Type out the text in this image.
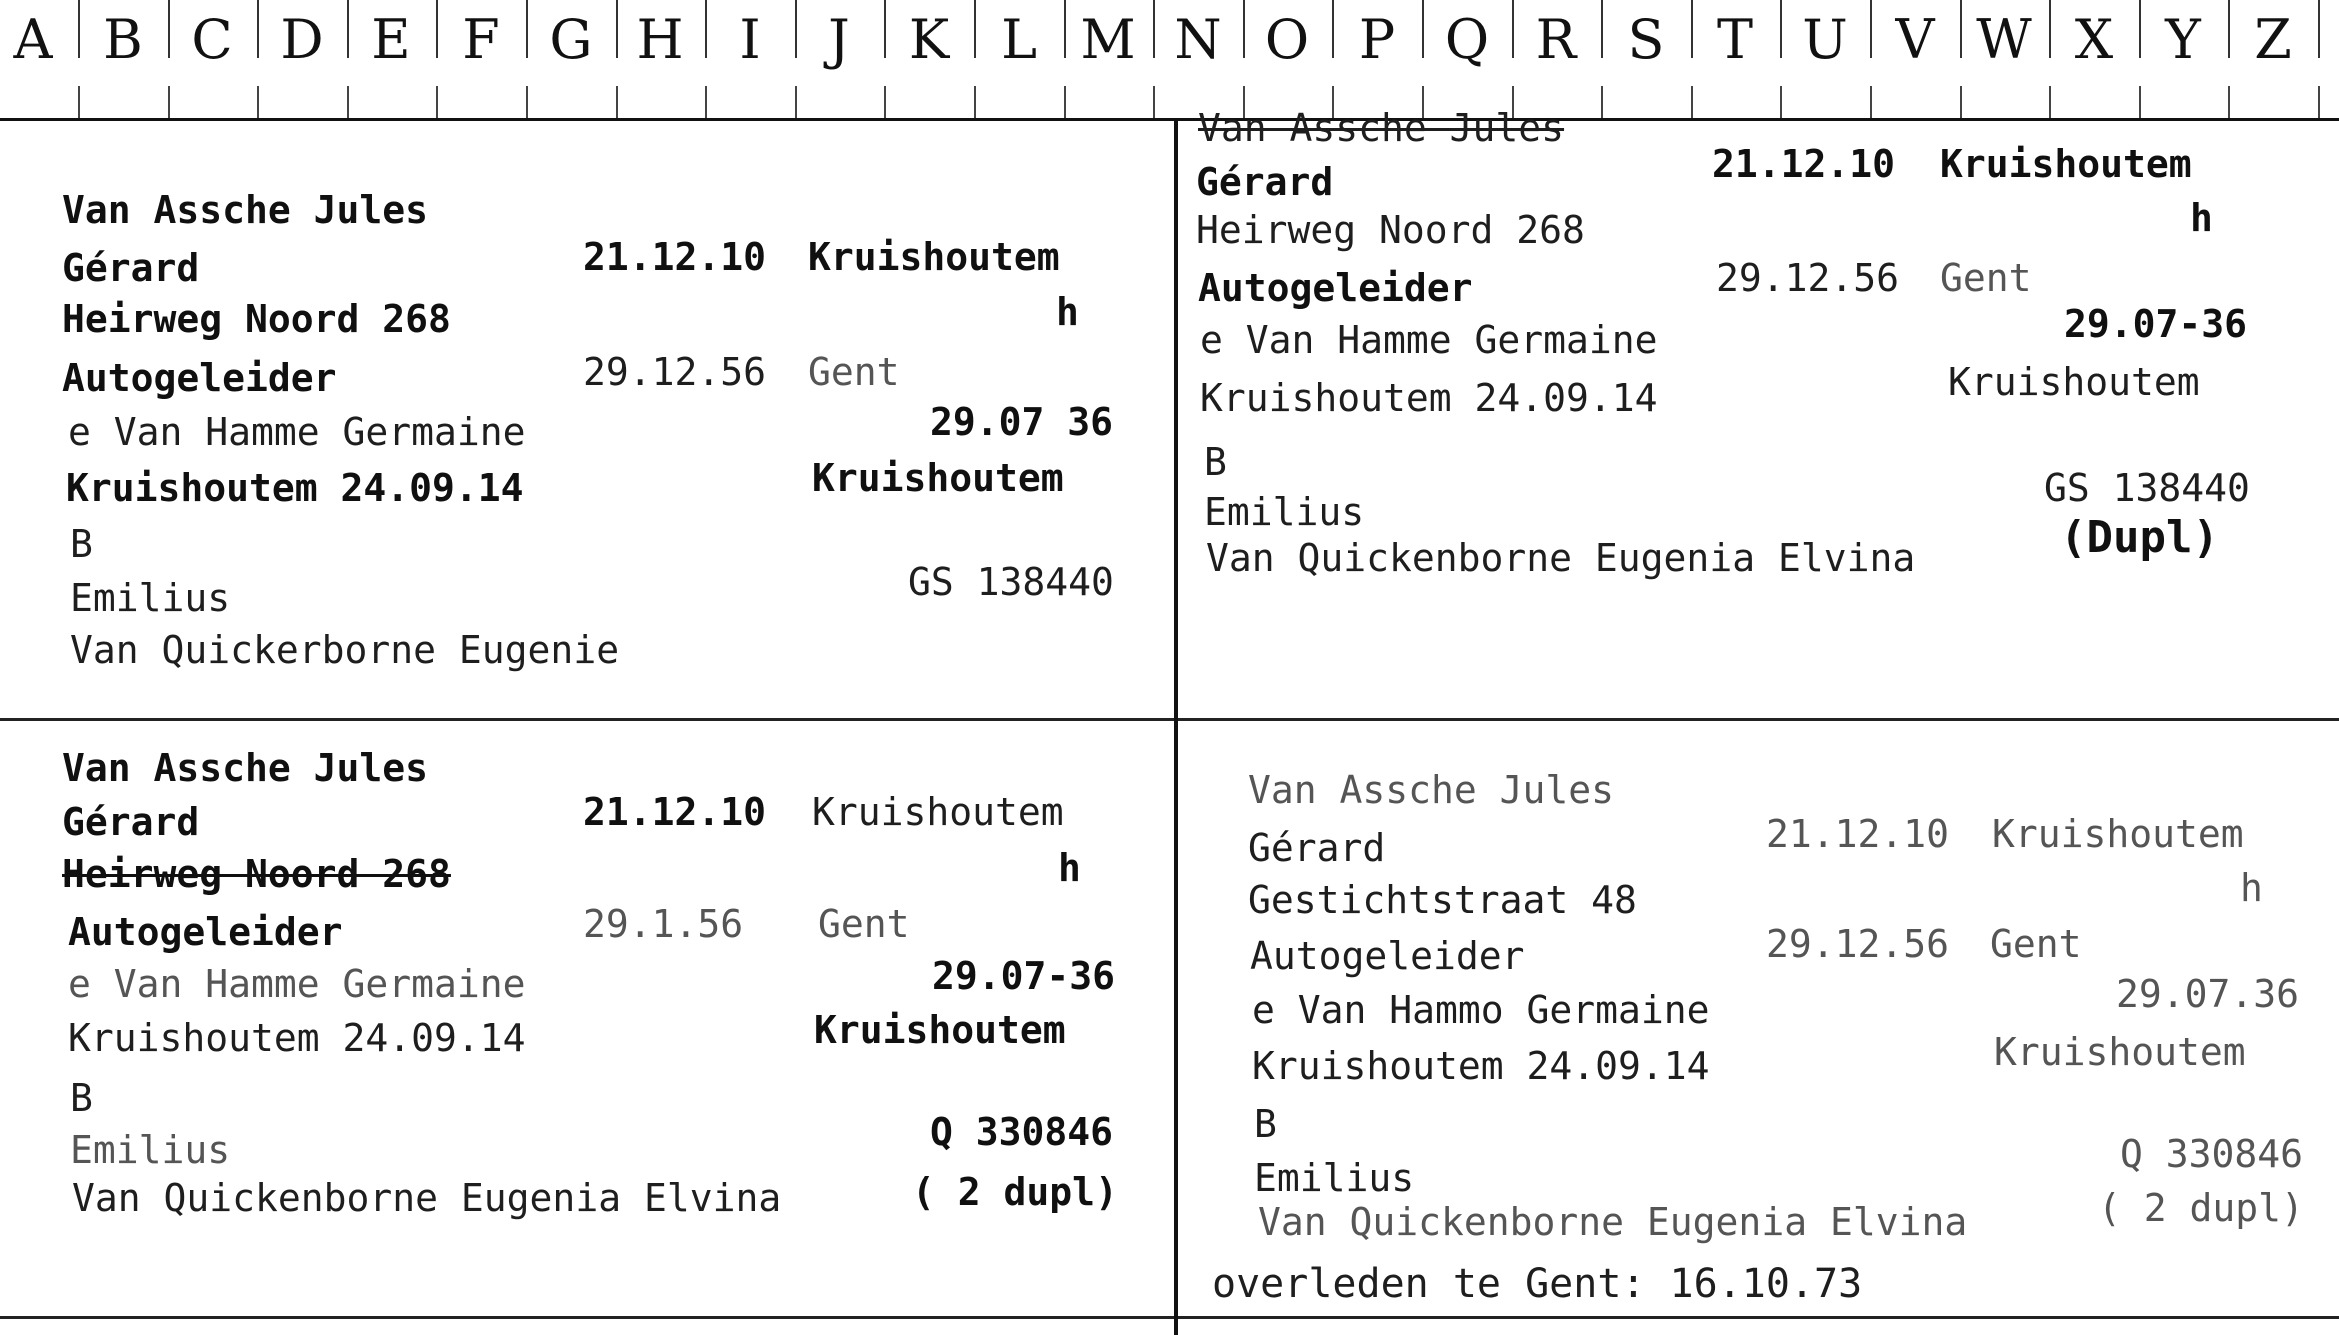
A B C D E F G H	I	J	K L M N O P Q R S T U V W X Y Z
Van Assche Jules
Gérard	21.12.10 Kruishoutem
Heirweg Noord 268	h
Autogeleider	29.12.56 Gent
e Van Hamme Germaine	29.07 36
Kruishoutem 24.09.14	Kruishoutem
B
GS 138440
Emilius
Van Quickerborne Eugenie
Van Assche Jules
Gérard	21.12.10 Kruishoutem
Heirweg Noord 268	h
Autogeleider	29.12.56 Gent
e Van Hamme Germaine	29.07-36
Kruishoutem 24.09.14	Kruishoutem
B
GS 138440
Emilius	(Dupl)
Van Quickenborne Eugenia Elvina
Van Assche Jules
Gérard	21.12.10 Kruishoutem
Heirweg Noord 268	h
Autogeleider	29.1.56 Gent
e Van Hamme Germaine	29.07-36
Kruishoutem 24.09.14	Kruishoutem
B
Q 330846
Emilius
( 2 dupl)
Van Quickenborne Eugenia Elvina
Van Assche Jules
Gérard	21.12.10 Kruishoutem
Gestichtstraat 48	h
Autogeleider	29.12.56 Gent
e Van Hammo Germaine	29.07.36
Kruishoutem 24.09.14	Kruishoutem
B
Q 330846
Emilius
( 2 dupl)
Van Quickenborne Eugenia Elvina
overleden te Gent: 16.10.73
